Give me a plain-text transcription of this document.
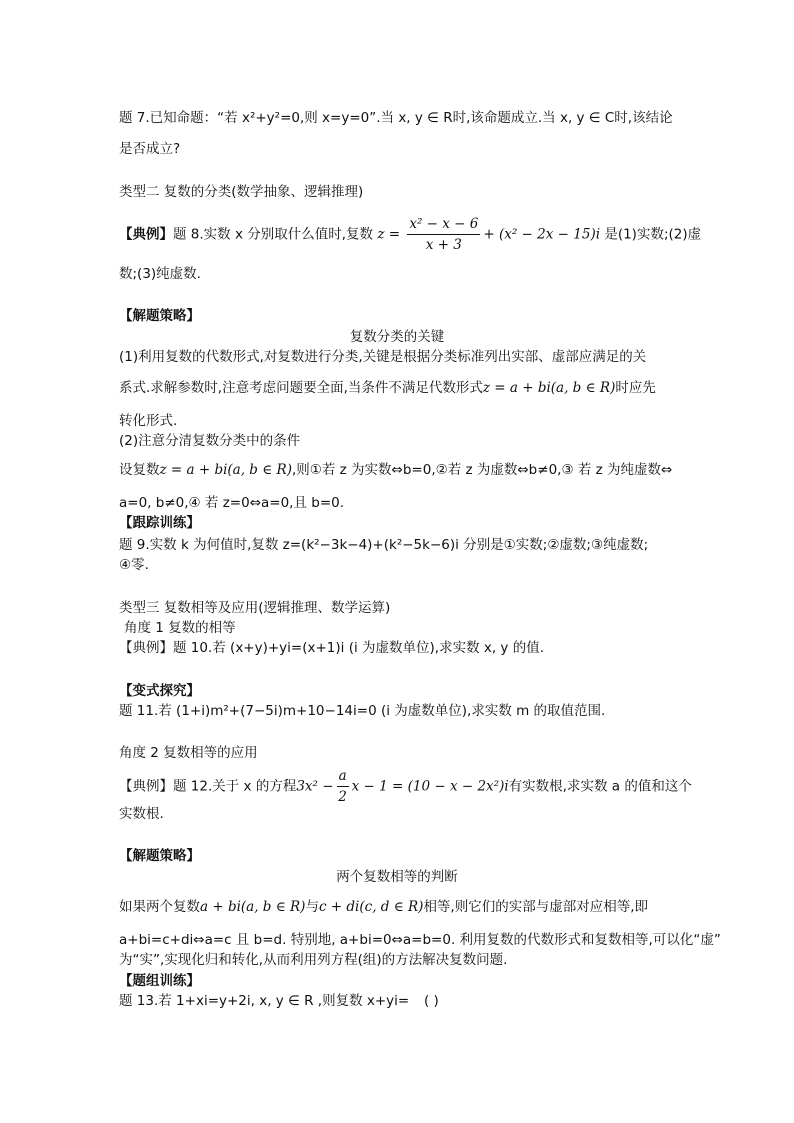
题 7.已知命题：“若 x²+y²=0,则 x=y=0”.当 x, y ∈ R时,该命题成立.当 x, y ∈ C时,该结论
是否成立?
类型二 复数的分类(数学抽象、逻辑推理)
【典例】题 8.实数 x 分别取什么值时,复数 $z = \frac{\text{x² − x − 6}}{x + 3} + (x^2 - 2x - 15)i$ 是(1)实数;(2)虚
数;(3)纯虚数.
【解题策略】
复数分类的关键
(1)利用复数的代数形式,对复数进行分类,关键是根据分类标准列出实部、虚部应满足的关
系式.求解参数时,注意考虑问题要全面,当条件不满足代数形式z = a + bi(a, b ∈ R)时应先
转化形式.
(2)注意分清复数分类中的条件
设复数z = a + bi(a, b ∈ R),则①若 z 为实数⇔b=0,②若 z 为虚数⇔b≠0,③ 若 z 为纯虚数⇔
a=0, b≠0,④ 若 z=0⇔a=0,且 b=0.
【跟踪训练】
题 9.实数 k 为何值时,复数 z=(k²−3k−4)+(k²−5k−6)i 分别是①实数;②虚数;③纯虚数;
④零.
类型三 复数相等及应用(逻辑推理、数学运算)
角度 1 复数的相等
【典例】题 10.若 (x+y)+yi=(x+1)i (i 为虚数单位),求实数 x, y 的值.
【变式探究】
题 11.若 (1+i)m²+(7−5i)m+10−14i=0 (i 为虚数单位),求实数 m 的取值范围.
角度 2 复数相等的应用
【典例】题 12.关于 x 的方程$3x^2 - \frac{a}{2}$ x − 1 = (10 − x − 2x²)i有实数根,求实数 a 的值和这个
实数根.
【解题策略】
两个复数相等的判断
如果两个复数a + bi(a, b ∈ R)与c + di(c, d ∈ R)相等,则它们的实部与虚部对应相等,即
a+bi=c+di⇔a=c 且 b=d. 特别地, a+bi=0⇔a=b=0. 利用复数的代数形式和复数相等,可以化“虚”
为“实”,实现化归和转化,从而利用列方程(组)的方法解决复数问题.
【题组训练】
题 13.若 1+xi=y+2i, x, y ∈ R ,则复数 x+yi= ( )
